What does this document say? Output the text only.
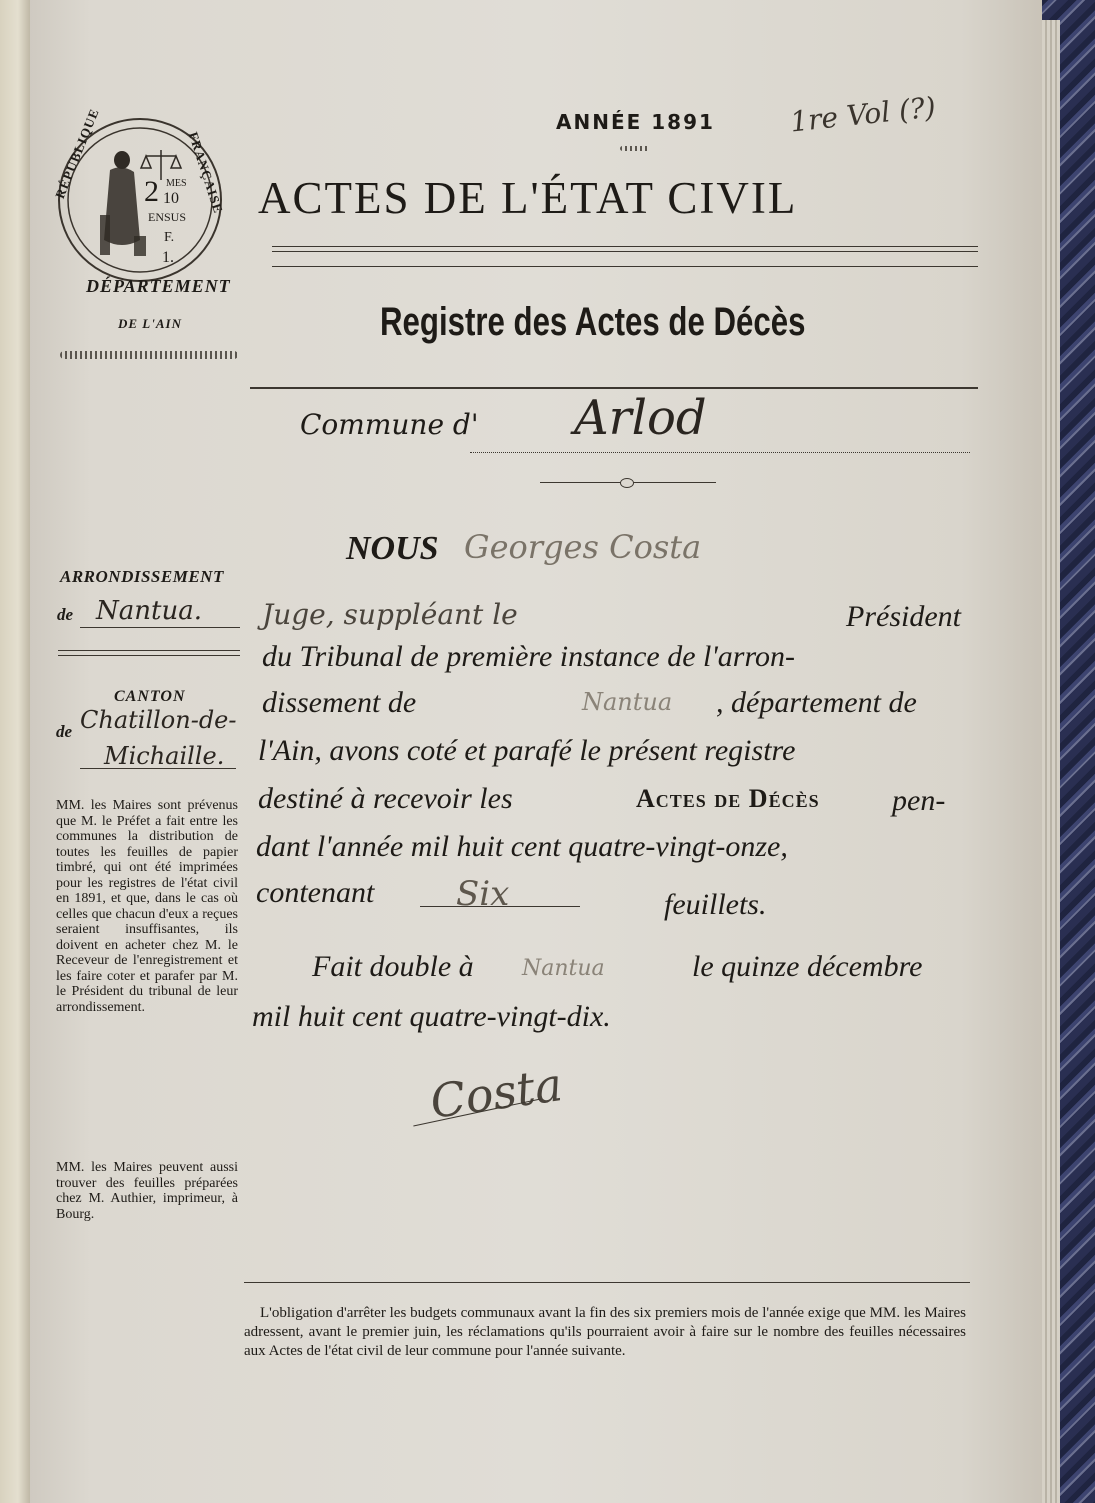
ANNÉE 1891	1re Vol (?)
ACTES DE L'ÉTAT CIVIL
Registre des Actes de Décès
RÉPUBLIQUE	FRANÇAISE
2 10
MES
ENSUS
F.
1.
DÉPARTEMENT
DE L'AIN
ARRONDISSEMENT
de Nantua.
CANTON
de Chatillon-de-
Michaille.
MM. les Maires sont prévenus que M. le Préfet a fait entre les communes la distribution de toutes les feuilles de papier timbré, qui ont été imprimées pour les registres de l'état civil en 1891, et que, dans le cas où celles que chacun d'eux a reçues seraient insuffisantes, ils doivent en acheter chez M. le Receveur de l'enregistrement et les faire coter et parafer par M. le Président du tribunal de leur arrondissement.
MM. les Maires peuvent aussi trouver des feuilles préparées chez M. Authier, imprimeur, à Bourg.
Commune d' Arlod
NOUS Georges Costa
Juge, suppléant le	Président
du Tribunal de première instance de l'arron-
dissement de	Nantua , département de
l'Ain, avons coté et parafé le présent registre
destiné à recevoir les	Actes de Décès pen-
dant l'année mil huit cent quatre-vingt-onze,
contenant Six	feuillets.
Fait double à Nantua	le quinze décembre
mil huit cent quatre-vingt-dix.
Costa
L'obligation d'arrêter les budgets communaux avant la fin des six premiers mois de l'année exige que MM. les Maires adressent, avant le premier juin, les réclamations qu'ils pourraient avoir à faire sur le nombre des feuilles nécessaires aux Actes de l'état civil de leur commune pour l'année suivante.
